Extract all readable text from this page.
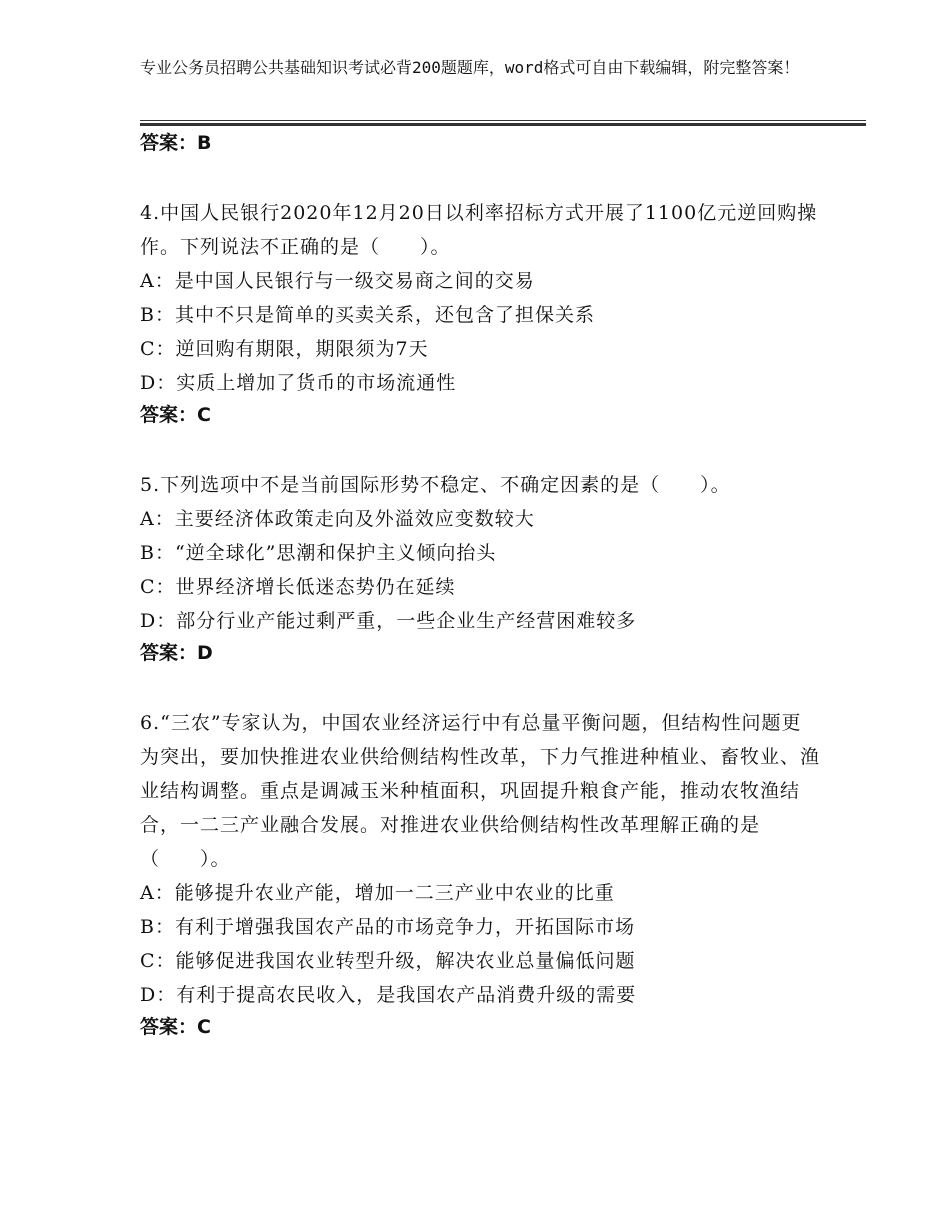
专业公务员招聘公共基础知识考试必背200题题库，word格式可自由下载编辑，附完整答案！
答案：B

4.中国人民银行2020年12月20日以利率招标方式开展了1100亿元逆回购操作。下列说法不正确的是（　　）。

A：是中国人民银行与一级交易商之间的交易

B：其中不只是简单的买卖关系，还包含了担保关系

C：逆回购有期限，期限须为7天

D：实质上增加了货币的市场流通性

答案：C

5.下列选项中不是当前国际形势不稳定、不确定因素的是（　　）。

A：主要经济体政策走向及外溢效应变数较大

B：“逆全球化”思潮和保护主义倾向抬头

C：世界经济增长低迷态势仍在延续

D：部分行业产能过剩严重，一些企业生产经营困难较多

答案：D

6.“三农”专家认为，中国农业经济运行中有总量平衡问题，但结构性问题更为突出，要加快推进农业供给侧结构性改革，下力气推进种植业、畜牧业、渔业结构调整。重点是调减玉米种植面积，巩固提升粮食产能，推动农牧渔结合，一二三产业融合发展。对推进农业供给侧结构性改革理解正确的是（　　）。

A：能够提升农业产能，增加一二三产业中农业的比重

B：有利于增强我国农产品的市场竞争力，开拓国际市场

C：能够促进我国农业转型升级，解决农业总量偏低问题

D：有利于提高农民收入，是我国农产品消费升级的需要

答案：C
